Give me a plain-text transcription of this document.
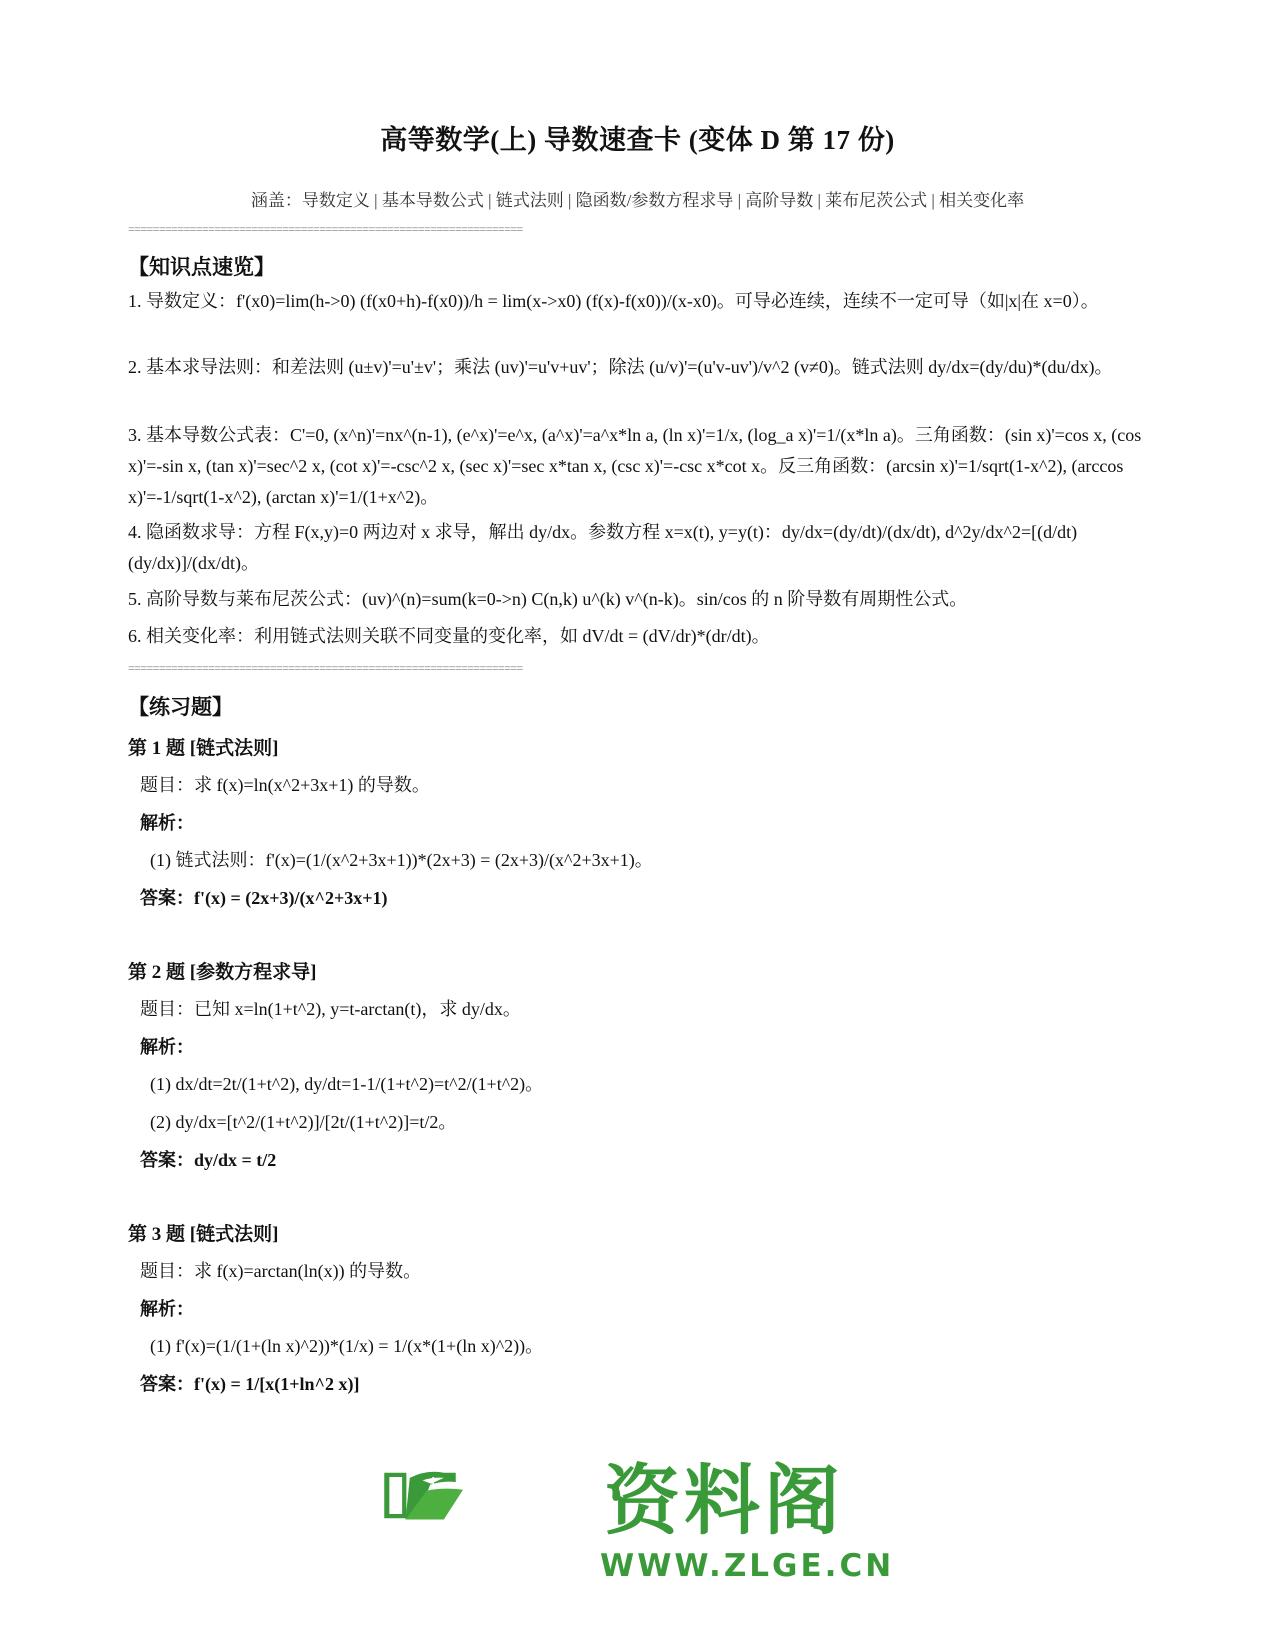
高等数学(上) 导数速查卡 (变体 D 第 17 份)
涵盖：导数定义 | 基本导数公式 | 链式法则 | 隐函数/参数方程求导 | 高阶导数 | 莱布尼茨公式 | 相关变化率
================================================================
【知识点速览】
1. 导数定义：f'(x0)=lim(h->0) (f(x0+h)-f(x0))/h = lim(x->x0) (f(x)-f(x0))/(x-x0)。可导必连续，连续不一定可导（如|x|在 x=0）。
2. 基本求导法则：和差法则 (u±v)'=u'±v'；乘法 (uv)'=u'v+uv'；除法 (u/v)'=(u'v-uv')/v^2 (v≠0)。链式法则 dy/dx=(dy/du)*(du/dx)。
3. 基本导数公式表：C'=0, (x^n)'=nx^(n-1), (e^x)'=e^x, (a^x)'=a^x*ln a, (ln x)'=1/x, (log_a x)'=1/(x*ln a)。三角函数：(sin x)'=cos x, (cos x)'=-sin x, (tan x)'=sec^2 x, (cot x)'=-csc^2 x, (sec x)'=sec x*tan x, (csc x)'=-csc x*cot x。反三角函数：(arcsin x)'=1/sqrt(1-x^2), (arccos x)'=-1/sqrt(1-x^2), (arctan x)'=1/(1+x^2)。
4. 隐函数求导：方程 F(x,y)=0 两边对 x 求导，解出 dy/dx。参数方程 x=x(t), y=y(t)：dy/dx=(dy/dt)/(dx/dt), d^2y/dx^2=[(d/dt)(dy/dx)]/(dx/dt)。
5. 高阶导数与莱布尼茨公式：(uv)^(n)=sum(k=0->n) C(n,k) u^(k) v^(n-k)。sin/cos 的 n 阶导数有周期性公式。
6. 相关变化率：利用链式法则关联不同变量的变化率，如 dV/dt = (dV/dr)*(dr/dt)。
================================================================
【练习题】
第 1 题 [链式法则]
题目：求 f(x)=ln(x^2+3x+1) 的导数。
解析：
(1) 链式法则：f'(x)=(1/(x^2+3x+1))*(2x+3) = (2x+3)/(x^2+3x+1)。
答案：f'(x) = (2x+3)/(x^2+3x+1)
第 2 题 [参数方程求导]
题目：已知 x=ln(1+t^2), y=t-arctan(t)，求 dy/dx。
解析：
(1) dx/dt=2t/(1+t^2), dy/dt=1-1/(1+t^2)=t^2/(1+t^2)。
(2) dy/dx=[t^2/(1+t^2)]/[2t/(1+t^2)]=t/2。
答案：dy/dx = t/2
第 3 题 [链式法则]
题目：求 f(x)=arctan(ln(x)) 的导数。
解析：
(1) f'(x)=(1/(1+(ln x)^2))*(1/x) = 1/(x*(1+(ln x)^2))。
答案：f'(x) = 1/[x(1+ln^2 x)]
资料阁
WWW.ZLGE.CN
